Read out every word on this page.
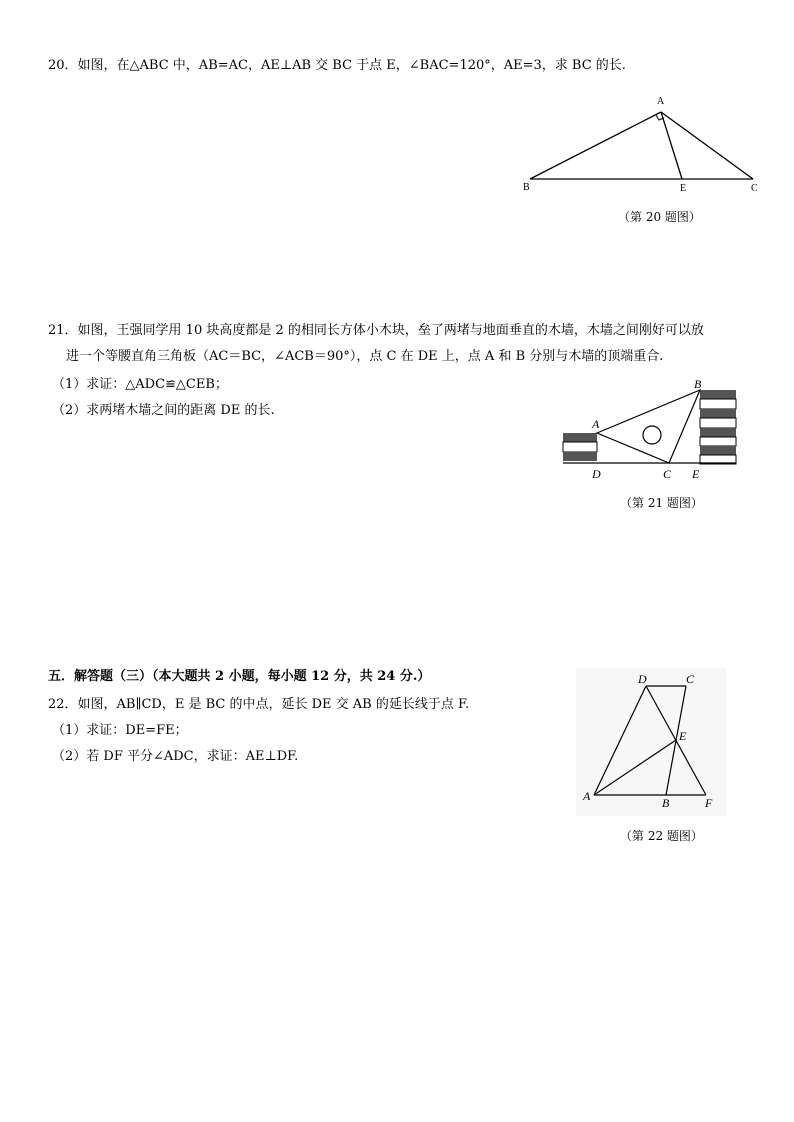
20．如图，在△ABC 中，AB=AC，AE⊥AB 交 BC 于点 E，∠BAC=120°，AE=3，求 BC 的长.
A
B	E	C
（第 20 题图）
21．如图，王强同学用 10 块高度都是 2 的相同长方体小木块，垒了两堵与地面垂直的木墙，木墙之间刚好可以放
进一个等腰直角三角板（AC＝BC，∠ACB＝90°），点 C 在 DE 上，点 A 和 B 分别与木墙的顶端重合.
（1）求证：△ADC≌△CEB；
（2）求两堵木墙之间的距离 DE 的长.
A
B
D	C E
（第 21 题图）
五．解答题（三）（本大题共 2 小题，每小题 12 分，共 24 分.）
22．如图，AB∥CD，E 是 BC 的中点，延长 DE 交 AB 的延长线于点 F.
（1）求证：DE=FE；
（2）若 DF 平分∠ADC，求证：AE⊥DF.
D	C
E
A	B	F
（第 22 题图）
